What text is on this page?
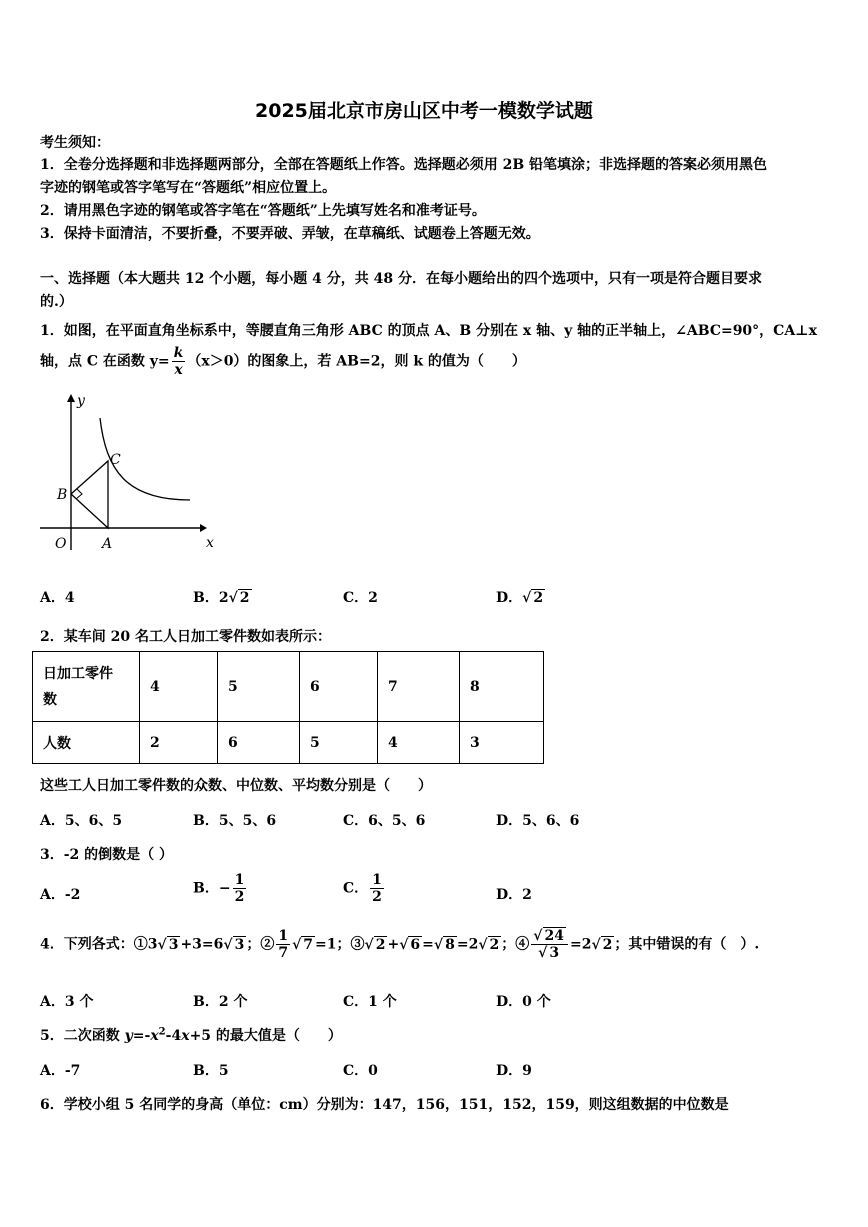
2025届北京市房山区中考一模数学试题
考生须知：
1．全卷分选择题和非选择题两部分，全部在答题纸上作答。选择题必须用 2B 铅笔填涂；非选择题的答案必须用黑色
字迹的钢笔或答字笔写在“答题纸”相应位置上。
2．请用黑色字迹的钢笔或答字笔在“答题纸”上先填写姓名和准考证号。
3．保持卡面清洁，不要折叠，不要弄破、弄皱，在草稿纸、试题卷上答题无效。
一、选择题（本大题共 12 个小题，每小题 4 分，共 48 分．在每小题给出的四个选项中，只有一项是符合题目要求
的.）
1．如图，在平面直角坐标系中，等腰直角三角形 ABC 的顶点 A、B 分别在 x 轴、y 轴的正半轴上，∠ABC=90°，CA⊥x
轴，点 C 在函数 $y= \frac{k}{x} (x>0)$的图象上，若 AB=2，则 k 的值为（　　）
y
x
O	A
B
C
A．4	B．2√ 2	C．2	D．√ 2
2．某车间 20 名工人日加工零件数如表所示：
日加工零件
数	4	5	6	7	8
人数	2	6	5	4	3
这些工人日加工零件数的众数、中位数、平均数分别是（　　）
A．5、6、5	B．5、5、6	C．6、5、6	D．5、6、6
3．-2 的倒数是（ ）
A．-2	B．− $\frac{1}{2}$	C． $\frac{1}{2}$	D．2
4．下列各式：①3√ 3 +3=6√ 3 ；② $\frac{1}{7}$ √ 7 =1；③√ 2 +√ 6 =√ 8 =2√ 2 ；④ $\frac{√ 24}{√ 3} =2√$ 2 ；其中错误的有（　）.
A．3 个	B．2 个	C．1 个	D．0 个
5．二次函数 $y=-x^2-4x+5$ 的最大值是（　　）
A．-7	B．5	C．0	D．9
6．学校小组 5 名同学的身高（单位：cm）分别为：147，156，151，152，159，则这组数据的中位数是
